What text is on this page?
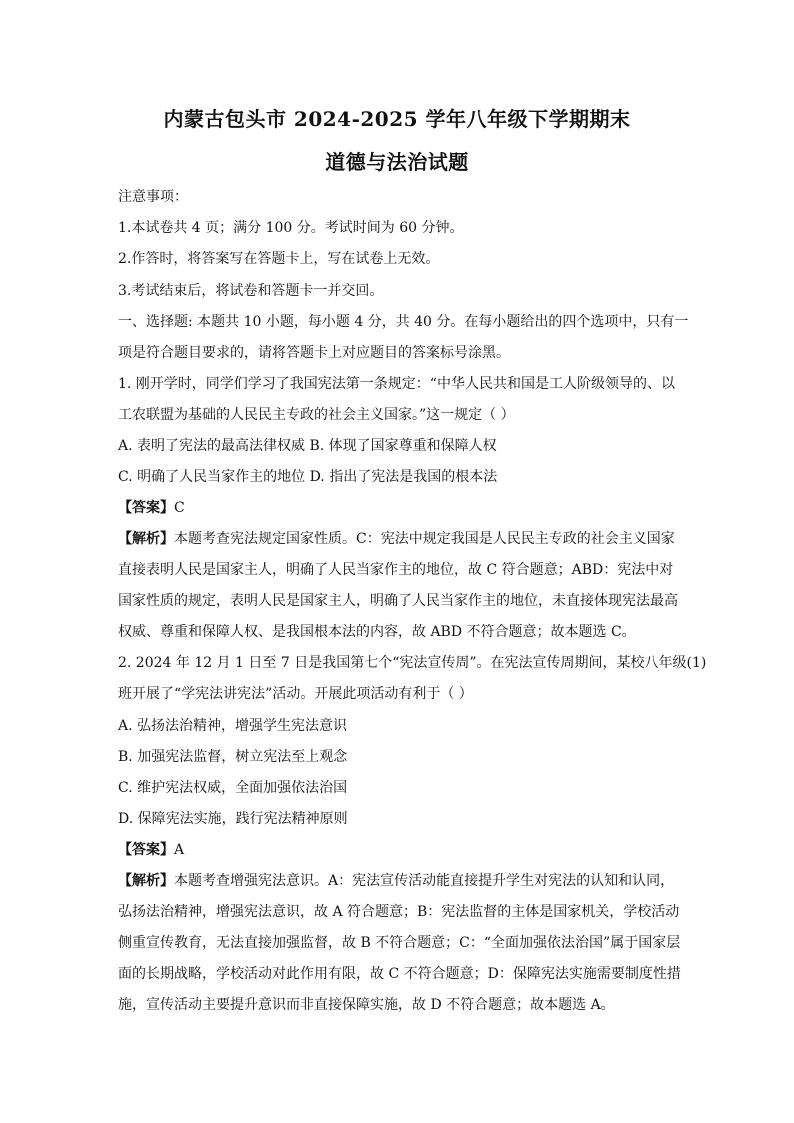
内蒙古包头市 2024-2025 学年八年级下学期期末
道德与法治试题
注意事项：
1.本试卷共 4 页；满分 100 分。考试时间为 60 分钟。
2.作答时，将答案写在答题卡上，写在试卷上无效。
3.考试结束后，将试卷和答题卡一并交回。
一、选择题: 本题共 10 小题，每小题 4 分，共 40 分。在每小题给出的四个选项中，只有一
项是符合题目要求的，请将答题卡上对应题目的答案标号涂黑。
1. 刚开学时，同学们学习了我国宪法第一条规定：“中华人民共和国是工人阶级领导的、以
工农联盟为基础的人民民主专政的社会主义国家。”这一规定（ ）
A. 表明了宪法的最高法律权威 B. 体现了国家尊重和保障人权
C. 明确了人民当家作主的地位 D. 指出了宪法是我国的根本法
【答案】C
【解析】本题考查宪法规定国家性质。C：宪法中规定我国是人民民主专政的社会主义国家
直接表明人民是国家主人，明确了人民当家作主的地位，故 C 符合题意；ABD：宪法中对
国家性质的规定，表明人民是国家主人，明确了人民当家作主的地位，未直接体现宪法最高
权威、尊重和保障人权、是我国根本法的内容，故 ABD 不符合题意；故本题选 C。
2. 2024 年 12 月 1 日至 7 日是我国第七个“宪法宣传周”。在宪法宣传周期间，某校八年级(1)
班开展了“学宪法讲宪法”活动。开展此项活动有利于（ ）
A. 弘扬法治精神，增强学生宪法意识
B. 加强宪法监督，树立宪法至上观念
C. 维护宪法权威，全面加强依法治国
D. 保障宪法实施，践行宪法精神原则
【答案】A
【解析】本题考查增强宪法意识。A：宪法宣传活动能直接提升学生对宪法的认知和认同，
弘扬法治精神，增强宪法意识，故 A 符合题意；B：宪法监督的主体是国家机关，学校活动
侧重宣传教育，无法直接加强监督，故 B 不符合题意；C：“全面加强依法治国”属于国家层
面的长期战略，学校活动对此作用有限，故 C 不符合题意；D：保障宪法实施需要制度性措
施，宣传活动主要提升意识而非直接保障实施，故 D 不符合题意；故本题选 A。
